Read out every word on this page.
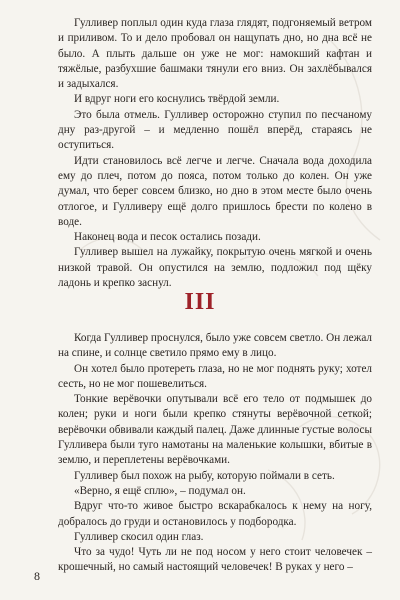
Гулливер поплыл один куда глаза глядят, подгоняемый ветром и приливом. То и дело пробовал он нащупать дно, но дна всё не было. А плыть дальше он уже не мог: намокший кафтан и тяжёлые, разбухшие башмаки тянули его вниз. Он захлёбывался и задыхался.

И вдруг ноги его коснулись твёрдой земли.

Это была отмель. Гулливер осторожно ступил по песчаному дну раз-другой – и медленно пошёл вперёд, стараясь не оступиться.

Идти становилось всё легче и легче. Сначала вода доходила ему до плеч, потом до пояса, потом только до колен. Он уже думал, что берег совсем близко, но дно в этом месте было очень отлогое, и Гулливеру ещё долго пришлось брести по колено в воде.

Наконец вода и песок остались позади.

Гулливер вышел на лужайку, покрытую очень мягкой и очень низкой травой. Он опустился на землю, подложил под щёку ладонь и крепко заснул.

III

Когда Гулливер проснулся, было уже совсем светло. Он лежал на спине, и солнце светило прямо ему в лицо.

Он хотел было протереть глаза, но не мог поднять руку; хотел сесть, но не мог пошевелиться.

Тонкие верёвочки опутывали всё его тело от подмышек до колен; руки и ноги были крепко стянуты верёвочной сеткой; верёвочки обвивали каждый палец. Даже длинные густые волосы Гулливера были туго намотаны на маленькие колышки, вбитые в землю, и переплетены верёвочками.

Гулливер был похож на рыбу, которую поймали в сеть.

«Верно, я ещё сплю», – подумал он.

Вдруг что-то живое быстро вскарабкалось к нему на ногу, добралось до груди и остановилось у подбородка.

Гулливер скосил один глаз.

Что за чудо! Чуть ли не под носом у него стоит человечек – крошечный, но самый настоящий человечек! В руках у него –

8
